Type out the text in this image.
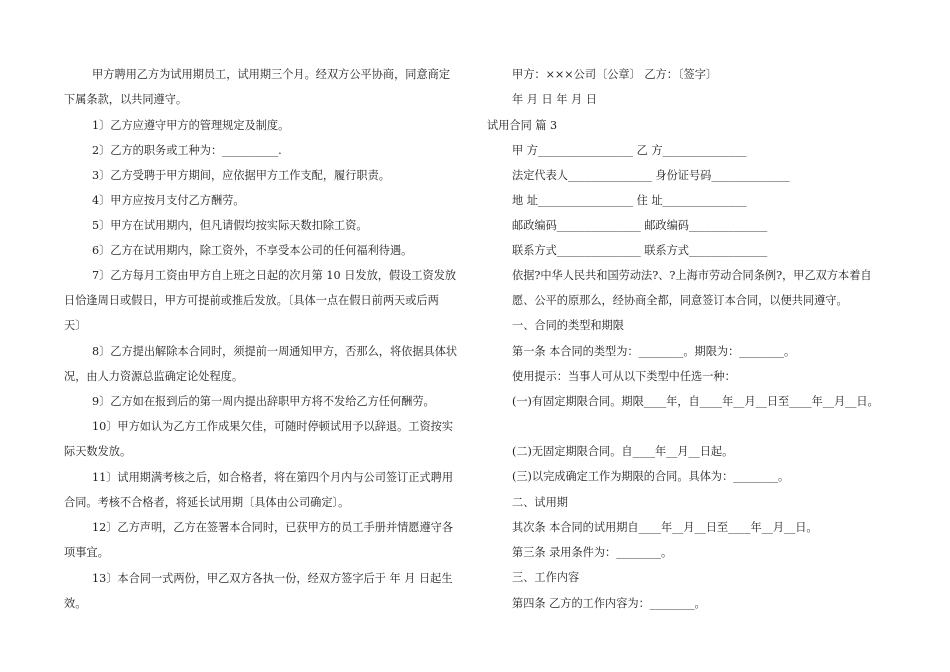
甲方聘用乙方为试用期员工，试用期三个月。经双方公平协商，同意商定

下属条款，以共同遵守。

1〕乙方应遵守甲方的管理规定及制度。

2〕乙方的职务或工种为：__________.

3〕乙方受聘于甲方期间，应依据甲方工作支配，履行职责。

4〕甲方应按月支付乙方酬劳。

5〕甲方在试用期内，但凡请假均按实际天数扣除工资。

6〕乙方在试用期内，除工资外，不享受本公司的任何福利待遇。

7〕乙方每月工资由甲方自上班之日起的次月第 10 日发放，假设工资发放

日恰逢周日或假日，甲方可提前或推后发放。〔具体一点在假日前两天或后两

天〕

8〕乙方提出解除本合同时，须提前一周通知甲方，否那么，将依据具体状

况，由人力资源总监确定论处程度。

9〕乙方如在报到后的第一周内提出辞职甲方将不发给乙方任何酬劳。

10〕甲方如认为乙方工作成果欠佳，可随时停顿试用予以辞退。工资按实

际天数发放。

11〕试用期满考核之后，如合格者，将在第四个月内与公司签订正式聘用

合同。考核不合格者，将延长试用期〔具体由公司确定〕。

12〕乙方声明，乙方在签署本合同时，已获甲方的员工手册并情愿遵守各

项事宜。

13〕本合同一式两份，甲乙双方各执一份，经双方签字后于 年 月 日起生

效。

甲方：×××公司〔公章〕 乙方：〔签字〕

年 月 日 年 月 日

试用合同 篇 3

甲 方_________________ 乙 方_______________

法定代表人_______________ 身份证号码______________

地 址_________________ 住 址_______________

邮政编码_______________ 邮政编码______________

联系方式_______________ 联系方式______________

依据?中华人民共和国劳动法?、?上海市劳动合同条例?，甲乙双方本着自

愿、公平的原那么，经协商全都，同意签订本合同，以便共同遵守。

一、合同的类型和期限

第一条 本合同的类型为：________。期限为：________。

使用提示：当事人可从以下类型中任选一种：

(一)有固定期限合同。期限____年，自____年__月__日至____年__月__日。

(二)无固定期限合同。自____年__月__日起。

(三)以完成确定工作为期限的合同。具体为：________。

二、试用期

其次条 本合同的试用期自____年__月__日至____年__月__日。

第三条 录用条件为：________。

三、工作内容

第四条 乙方的工作内容为：________。
